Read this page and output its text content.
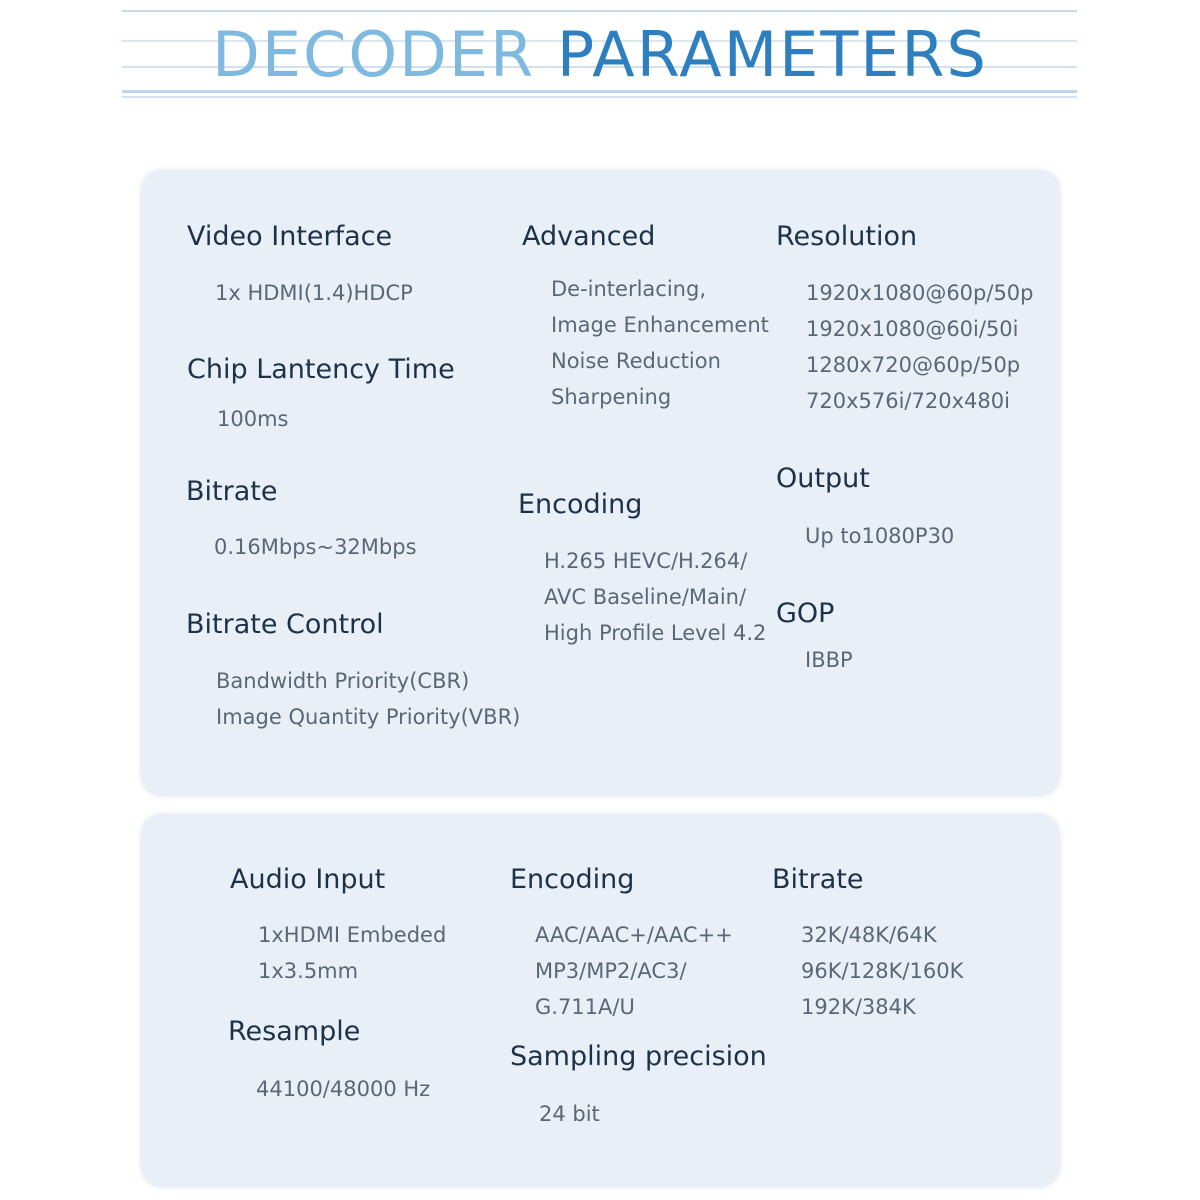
DECODER PARAMETERS
Video Interface
1x HDMI(1.4)HDCP
Chip Lantency Time
100ms
Bitrate
0.16Mbps~32Mbps
Bitrate Control
Bandwidth Priority(CBR)
Image Quantity Priority(VBR)
Advanced
De-interlacing,
Image Enhancement
Noise Reduction
Sharpening
Encoding
H.265 HEVC/H.264/
AVC Baseline/Main/
High Profile Level 4.2
Resolution
1920x1080@60p/50p
1920x1080@60i/50i
1280x720@60p/50p
720x576i/720x480i
Output
Up to1080P30
GOP
IBBP
Audio Input
1xHDMI Embeded
1x3.5mm
Resample
44100/48000 Hz
Encoding
AAC/AAC+/AAC++
MP3/MP2/AC3/
G.711A/U
Sampling precision
24 bit
Bitrate
32K/48K/64K
96K/128K/160K
192K/384K
